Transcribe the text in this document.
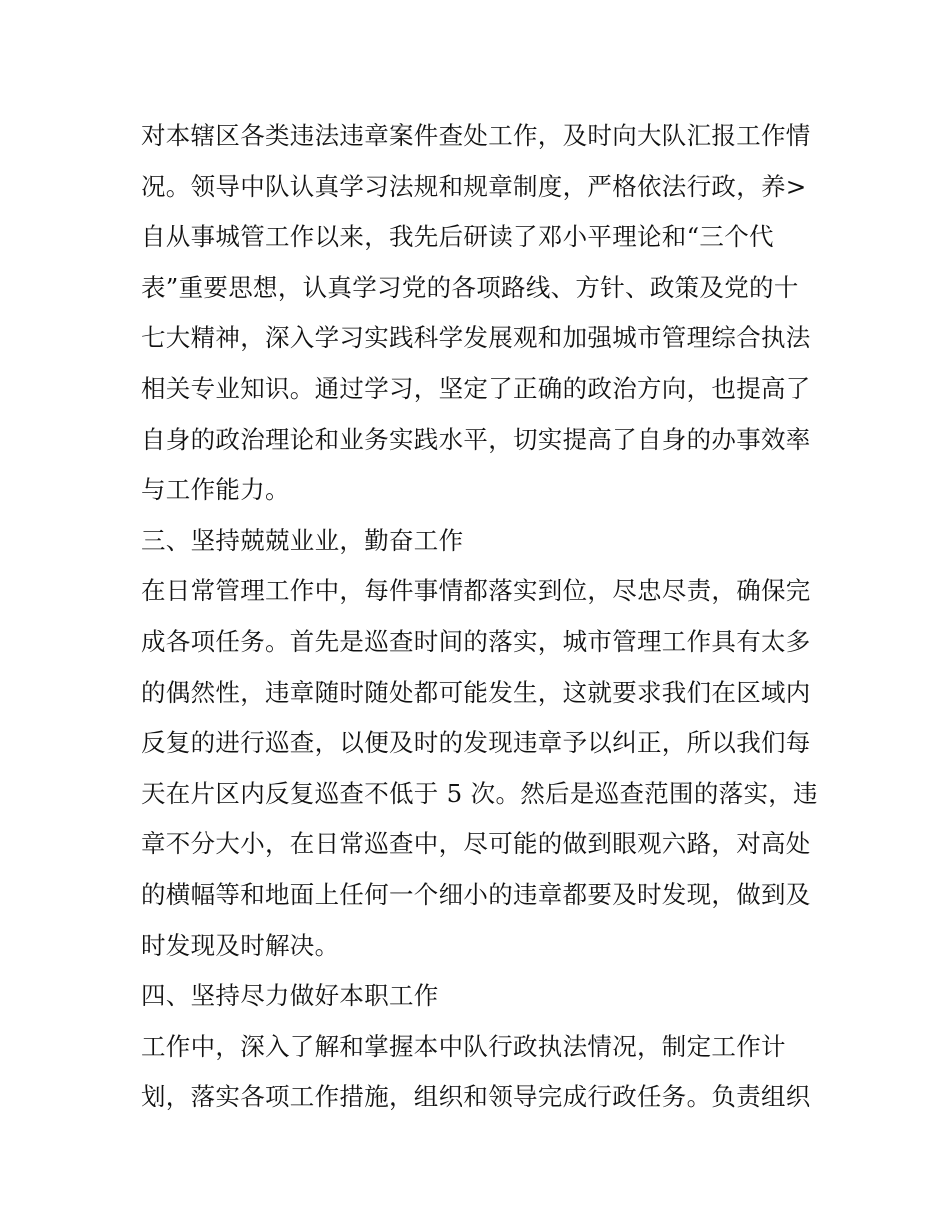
对本辖区各类违法违章案件查处工作，及时向大队汇报工作情
况。领导中队认真学习法规和规章制度，严格依法行政，养>
自从事城管工作以来，我先后研读了邓小平理论和“三个代
表”重要思想，认真学习党的各项路线、方针、政策及党的十
七大精神，深入学习实践科学发展观和加强城市管理综合执法
相关专业知识。通过学习，坚定了正确的政治方向，也提高了
自身的政治理论和业务实践水平，切实提高了自身的办事效率
与工作能力。
三、坚持兢兢业业，勤奋工作
在日常管理工作中，每件事情都落实到位，尽忠尽责，确保完
成各项任务。首先是巡查时间的落实，城市管理工作具有太多
的偶然性，违章随时随处都可能发生，这就要求我们在区域内
反复的进行巡查，以便及时的发现违章予以纠正，所以我们每
天在片区内反复巡查不低于 5 次。然后是巡查范围的落实，违
章不分大小，在日常巡查中，尽可能的做到眼观六路，对高处
的横幅等和地面上任何一个细小的违章都要及时发现，做到及
时发现及时解决。
四、坚持尽力做好本职工作
工作中，深入了解和掌握本中队行政执法情况，制定工作计
划，落实各项工作措施，组织和领导完成行政任务。负责组织
